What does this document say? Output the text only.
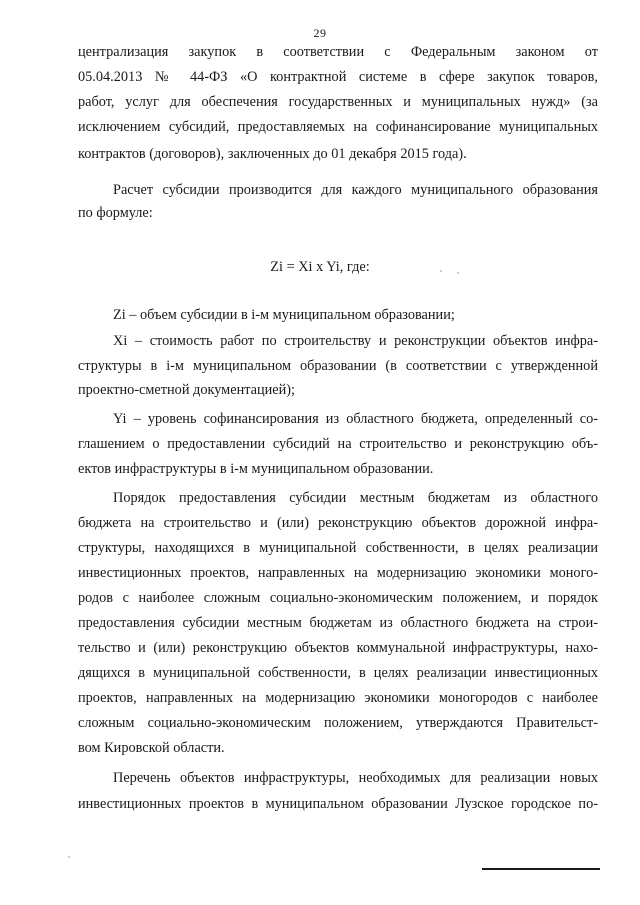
29
централизация закупок в соответствии с Федеральным законом от
05.04.2013 № 44-ФЗ «О контрактной системе в сфере закупок товаров,
работ, услуг для обеспечения государственных и муниципальных нужд» (за
исключением субсидий, предоставляемых на софинансирование муниципальных
контрактов (договоров), заключенных до 01 декабря 2015 года).
Расчет субсидии производится для каждого муниципального образования
по формуле:
Zi = Xi x Yi, где:
Zi – объем субсидии в i-м муниципальном образовании;
Xi – стоимость работ по строительству и реконструкции объектов инфра-
структуры в i-м муниципальном образовании (в соответствии с утвержденной
проектно-сметной документацией);
Yi – уровень софинансирования из областного бюджета, определенный со-
глашением о предоставлении субсидий на строительство и реконструкцию объ-
ектов инфраструктуры в i-м муниципальном образовании.
Порядок предоставления субсидии местным бюджетам из областного
бюджета на строительство и (или) реконструкцию объектов дорожной инфра-
структуры, находящихся в муниципальной собственности, в целях реализации
инвестиционных проектов, направленных на модернизацию экономики моного-
родов с наиболее сложным социально-экономическим положением, и порядок
предоставления субсидии местным бюджетам из областного бюджета на строи-
тельство и (или) реконструкцию объектов коммунальной инфраструктуры, нахо-
дящихся в муниципальной собственности, в целях реализации инвестиционных
проектов, направленных на модернизацию экономики моногородов с наиболее
сложным социально-экономическим положением, утверждаются Правительст-
вом Кировской области.
Перечень объектов инфраструктуры, необходимых для реализации новых
инвестиционных проектов в муниципальном образовании Лузское городское по-
